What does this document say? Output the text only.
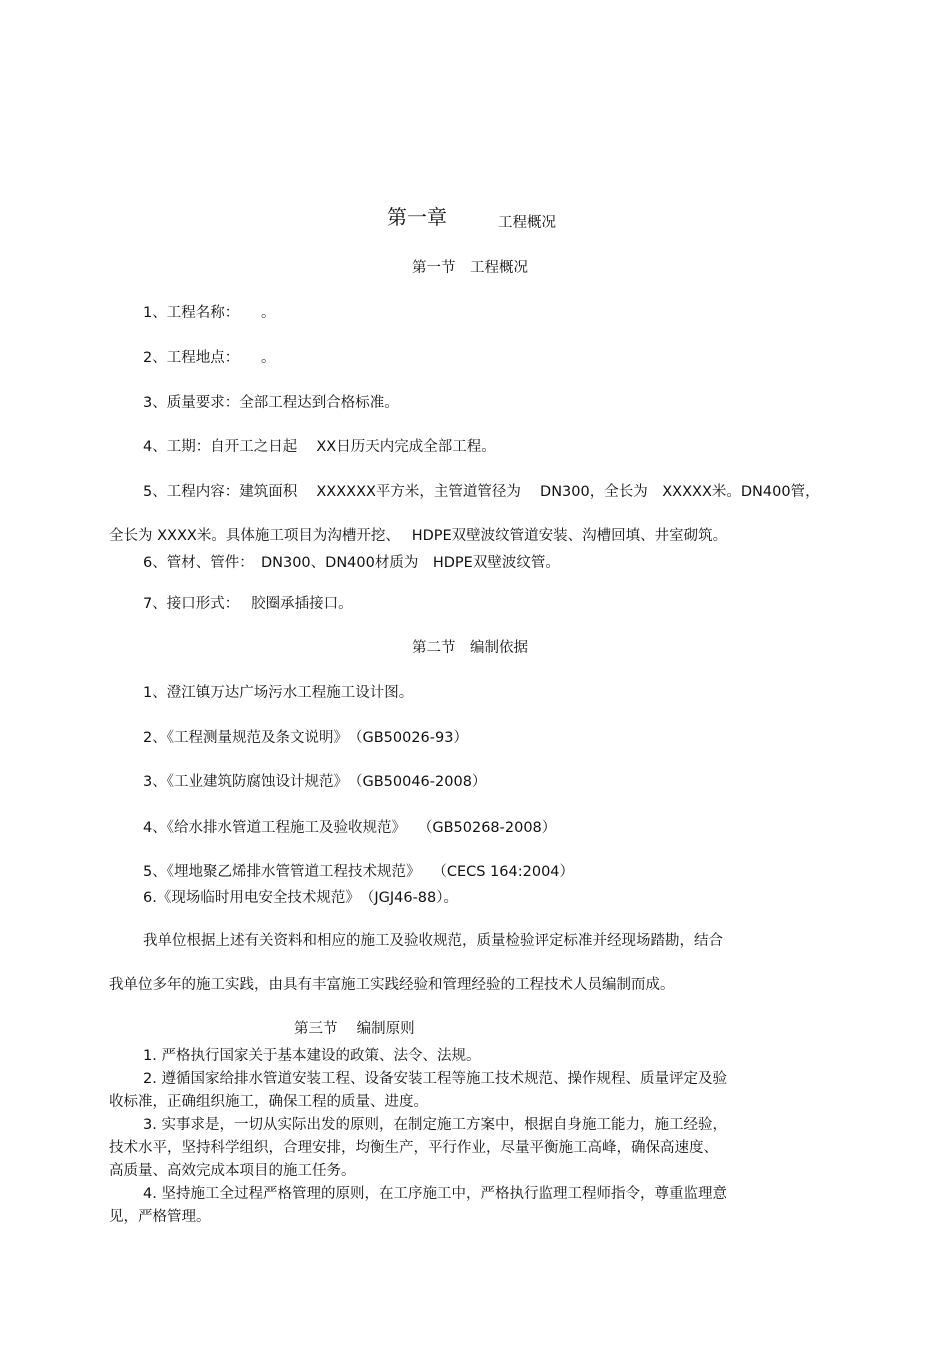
第一章	工程概况
第一节　工程概况
1、工程名称：　　。
2、工程地点：　　。
3、质量要求：全部工程达到合格标准。
4、工期：自开工之日起　 XX日历天内完成全部工程。
5、工程内容：建筑面积　 XXXXXX平方米，主管道管径为　 DN300，全长为　XXXXX米。DN400管，
全长为 XXXX米。具体施工项目为沟槽开挖、　 HDPE双壁波纹管道安装、沟槽回填、井室砌筑。
6、管材、管件：　DN300、DN400材质为　HDPE双壁波纹管。
7、接口形式：　 胶圈承插接口。
第二节　编制依据
1、澄江镇万达广场污水工程施工设计图。
2、《工程测量规范及条文说明》　（GB50026-93）
3、《工业建筑防腐蚀设计规范》　（GB50046-2008）
4、《给水排水管道工程施工及验收规范》　 （GB50268-2008）
5、《埋地聚乙烯排水管管道工程技术规范》　 （CECS 164:2004）
6.《现场临时用电安全技术规范》　（JGJ46-88）。
我单位根据上述有关资料和相应的施工及验收规范，质量检验评定标准并经现场踏勘，结合
我单位多年的施工实践，由具有丰富施工实践经验和管理经验的工程技术人员编制而成。
第三节　 编制原则
1. 严格执行国家关于基本建设的政策、法令、法规。
2. 遵循国家给排水管道安装工程、设备安装工程等施工技术规范、操作规程、质量评定及验
收标准，正确组织施工，确保工程的质量、进度。
3. 实事求是，一切从实际出发的原则，在制定施工方案中，根据自身施工能力，施工经验，
技术水平，坚持科学组织，合理安排，均衡生产，平行作业，尽量平衡施工高峰，确保高速度、
高质量、高效完成本项目的施工任务。
4. 坚持施工全过程严格管理的原则，在工序施工中，严格执行监理工程师指令，尊重监理意
见，严格管理。
